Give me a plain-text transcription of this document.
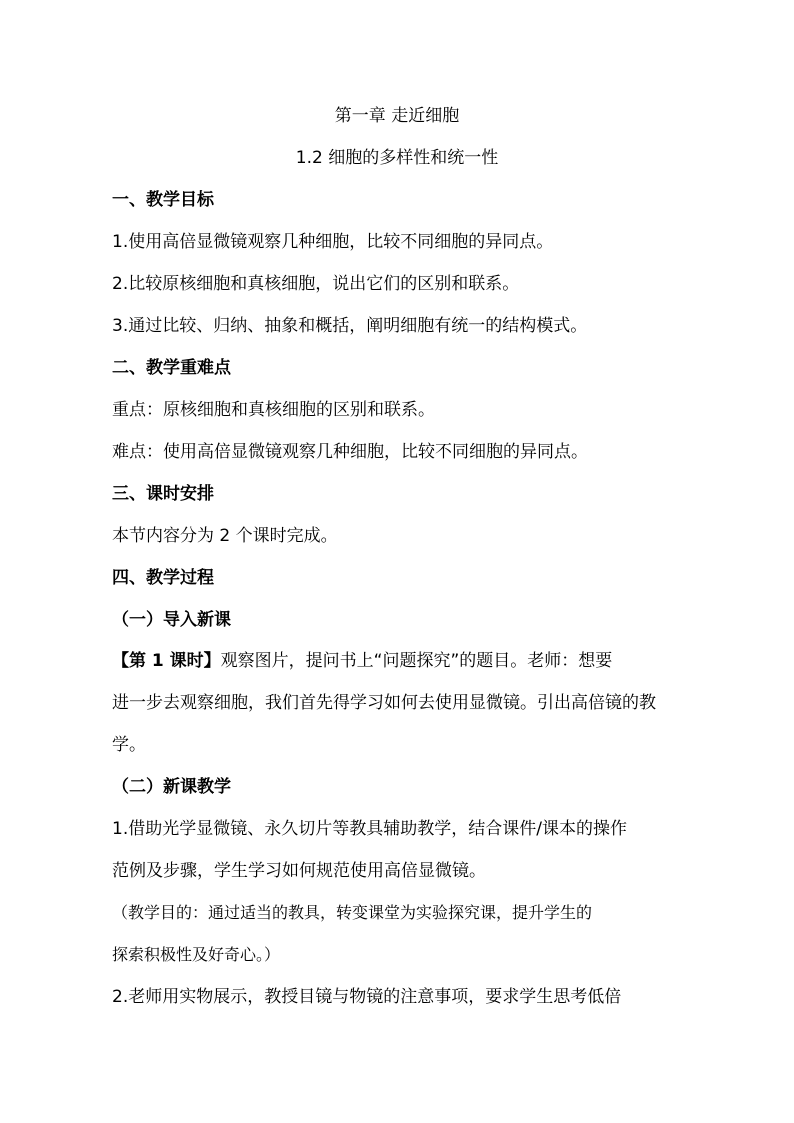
第一章 走近细胞
1.2 细胞的多样性和统一性
一、教学目标
1.使用高倍显微镜观察几种细胞，比较不同细胞的异同点。
2.比较原核细胞和真核细胞，说出它们的区别和联系。
3.通过比较、归纳、抽象和概括，阐明细胞有统一的结构模式。
二、教学重难点
重点：原核细胞和真核细胞的区别和联系。
难点：使用高倍显微镜观察几种细胞，比较不同细胞的异同点。
三、课时安排
本节内容分为 2 个课时完成。
四、教学过程
（一）导入新课
【第 1 课时】观察图片，提问书上“问题探究”的题目。老师：想要
进一步去观察细胞，我们首先得学习如何去使用显微镜。引出高倍镜的教
学。
（二）新课教学
1.借助光学显微镜、永久切片等教具辅助教学，结合课件/课本的操作
范例及步骤，学生学习如何规范使用高倍显微镜。
（教学目的：通过适当的教具，转变课堂为实验探究课，提升学生的
探索积极性及好奇心。）
2.老师用实物展示，教授目镜与物镜的注意事项，要求学生思考低倍
